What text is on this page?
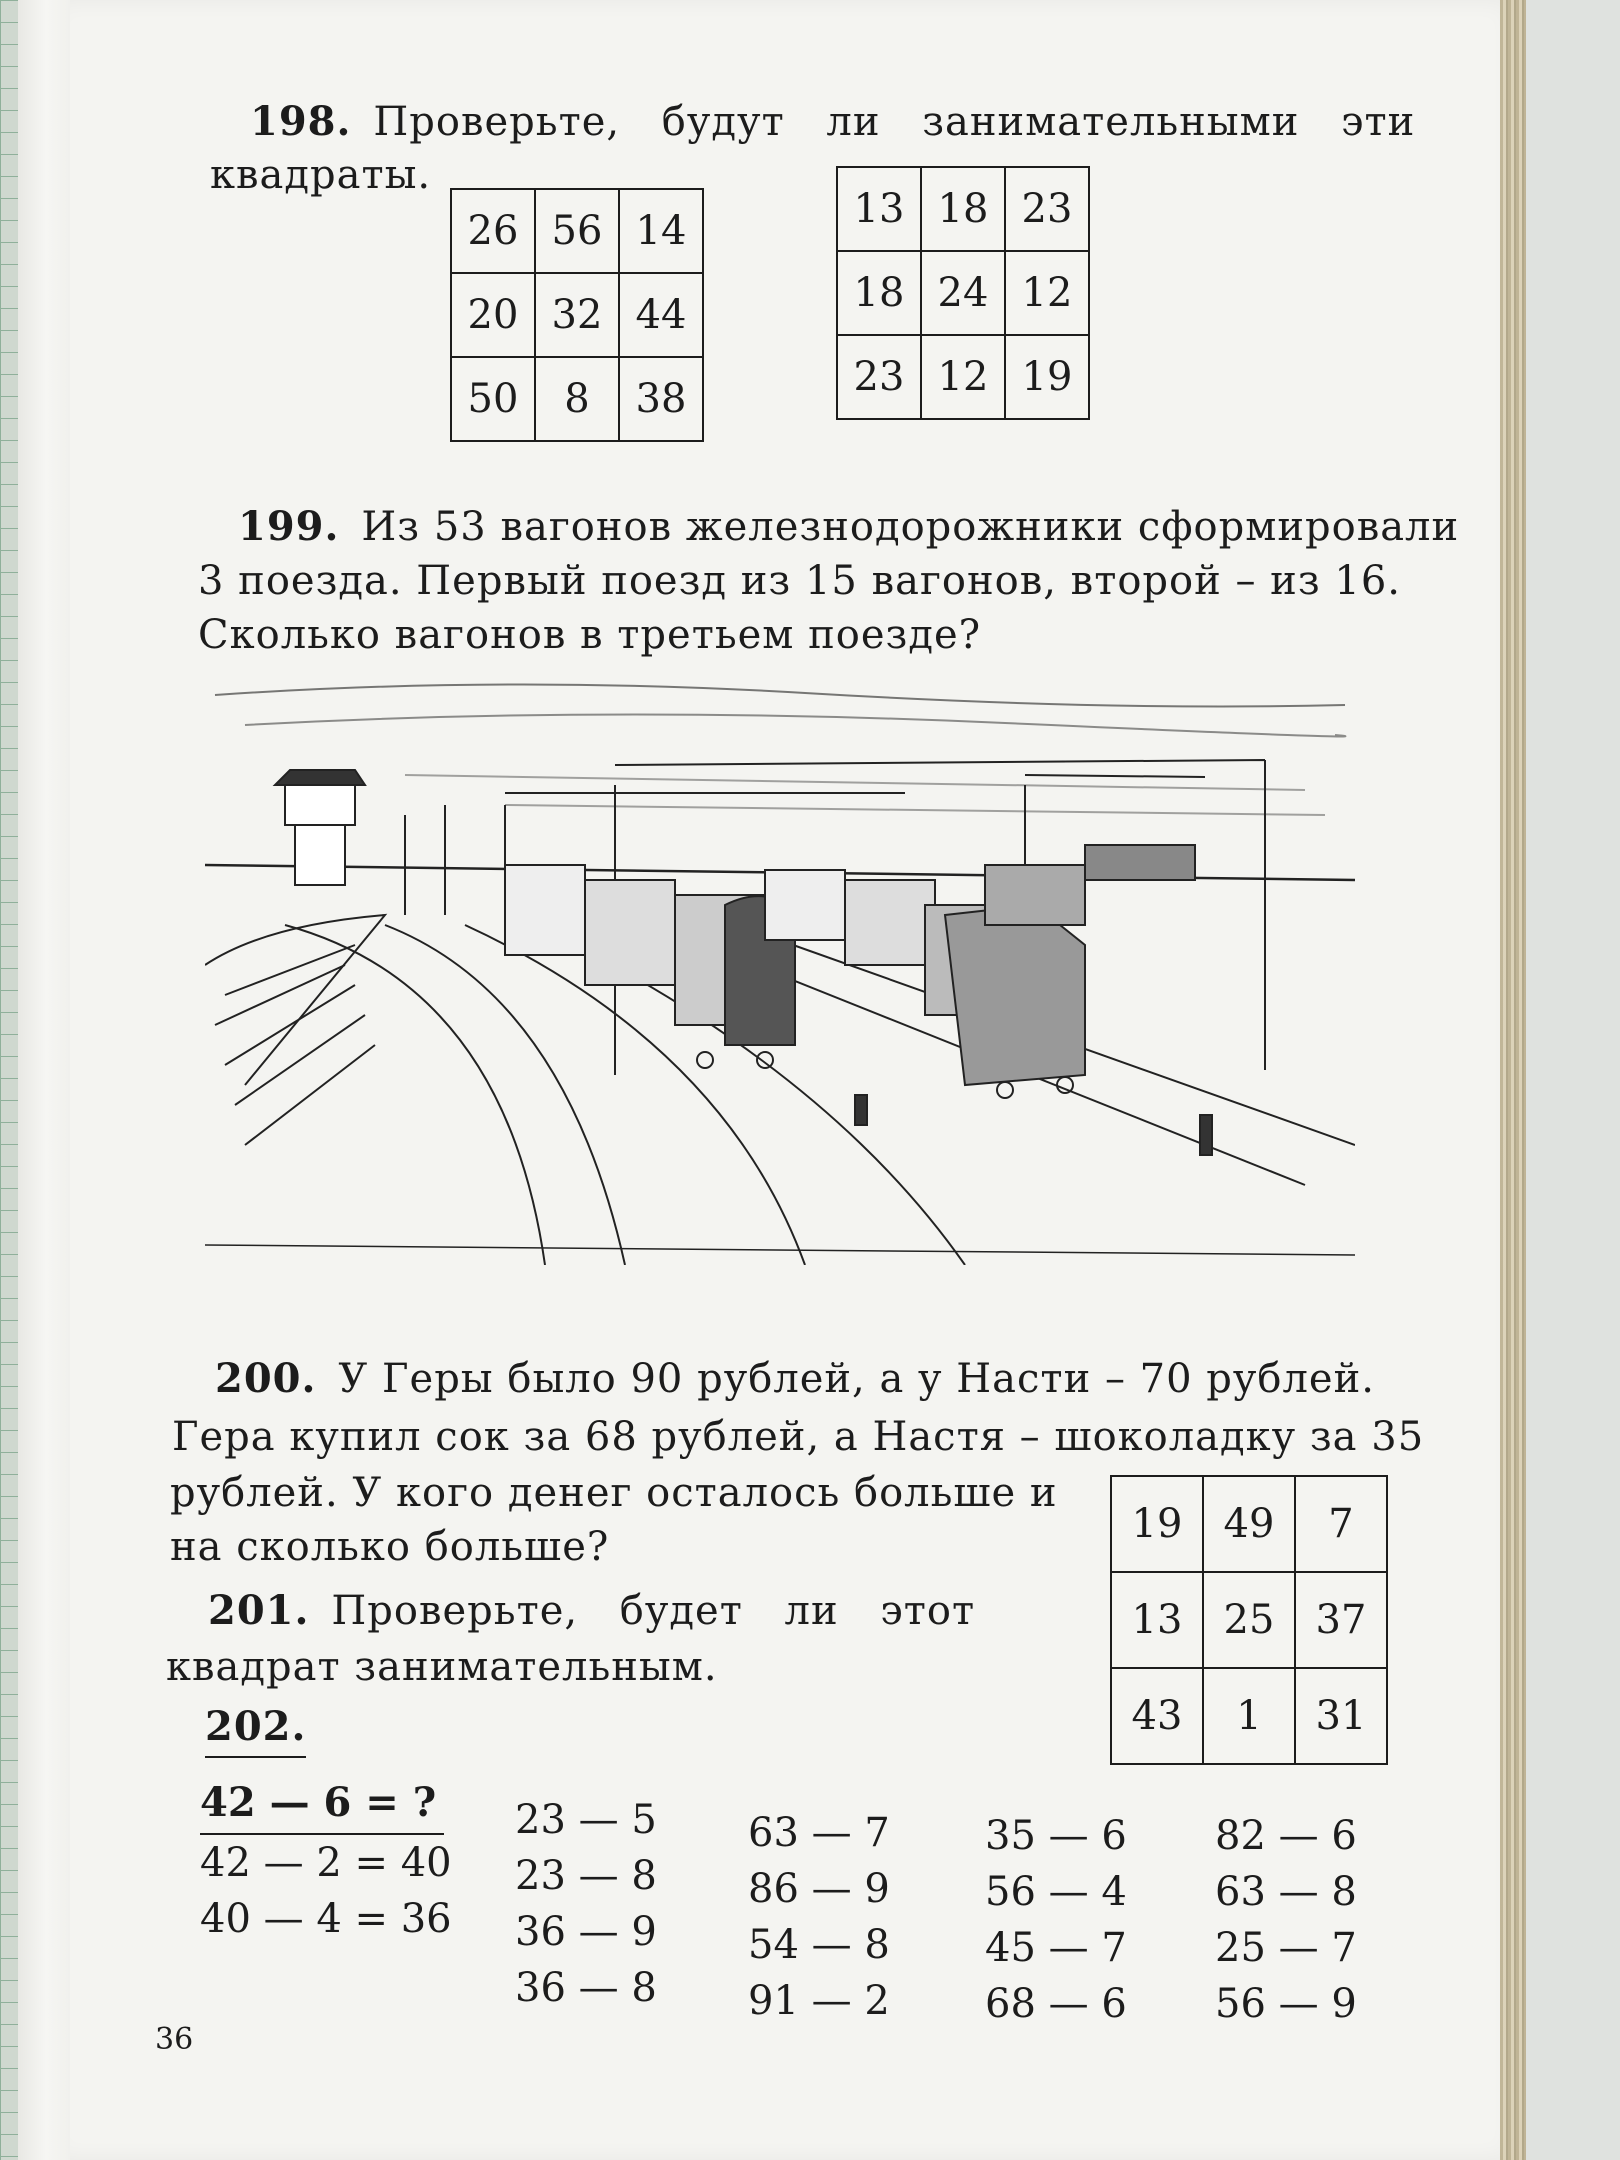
198. Проверьте, будут ли занимательными эти
квадраты.
26	56	14
20	32	44
50	8	38
13	18	23
18	24	12
23	12	19
199. Из 53 вагонов железнодорожники сформировали
3 поезда. Первый поезд из 15 вагонов, второй – из 16.
Сколько вагонов в третьем поезде?
200. У Геры было 90 рублей, а у Насти – 70 рублей.
Гера купил сок за 68 рублей, а Настя – шоколадку за 35
рублей. У кого денег осталось больше и
на сколько больше?
201. Проверьте, будет ли этот
квадрат занимательным.
19	49	7
13	25	37
43	1	31
202.
42 — 6 = ?
42 — 2 = 40
40 — 4 = 36
23 — 5
23 — 8
36 — 9
36 — 8
63 — 7
86 — 9
54 — 8
91 — 2
35 — 6
56 — 4
45 — 7
68 — 6
82 — 6
63 — 8
25 — 7
56 — 9
36
